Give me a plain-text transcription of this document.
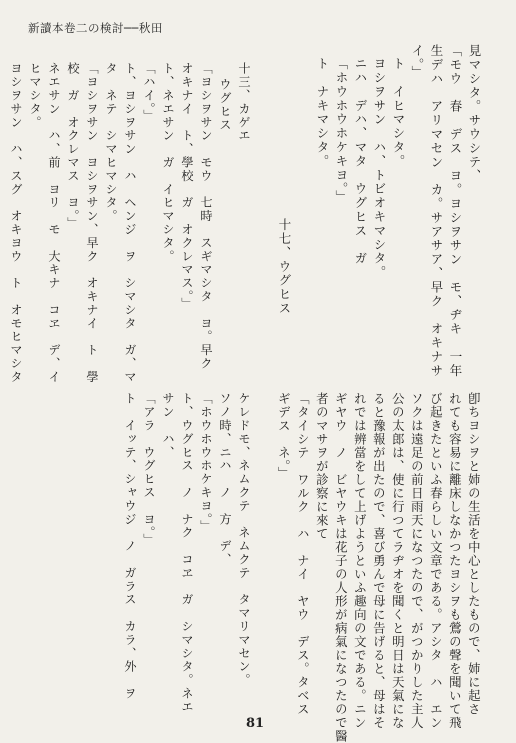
新讀本卷二の検討──秋田
見マシタ。サウシテ、
「モウ　春　デス　ヨ。ヨシヲサン　モ、ヂキ　一年
生デハ　アリマセン　カ。サアサア、早ク　オキナサ
イ。」
ト　イヒマシタ。
ヨシヲサン　ハ、トビオキマシタ。
ニハ　デハ、マタ　ウグヒス　ガ
「ホウホウホケキヨ。」
ト　ナキマシタ。
卽ちヨシヲと姉の生活を中心としたもので、姉に起さ
れても容易に離床しなかつたヨシヲも鶯の聲を聞いて飛
び起きたといふ春らしい文章である。アシタ　ハ　エン
ソクは遠足の前日雨天になつたので、がつかりした主人
公の太郎は、使に行つてラヂオを聞くと明日は天氣にな
ると豫報が出たので、喜び勇んで母に告げると、母はそ
れでは辨當をして上げようといふ趣向の文である。ニン
ギヤウ　ノ　ビヤウキは花子の人形が病氣になつたので醫
者のマサヲが診察に來て
「タイシテ　ワルク　ハ　ナイ　ヤウ　デス。タベス
ギデス　ネ。」
十七、ウグヒス
十三、カゲエ
ウグヒス
「ヨシヲサン　モウ　七時　スギマシタ　ヨ。早ク
オキナイ　ト、學校　ガ　オクレマス。」
ト、ネエサン　ガ　イヒマシタ。
「ハイ。」
ト、ヨシヲサン　ハ　ヘンジ　ヲ　シマシタ　ガ、マ
タ　ネテ　シマヒマシタ。
「ヨシヲサン　ヨシヲサン、早ク　オキナイ　ト　學
校　ガ　オクレマス　ヨ。」
ネエサン　ハ、前　ヨリ　モ　大キナ　コヱ　デ、イ
ヒマシタ。
ヨシヲサン　ハ、スグ　オキヨウ　ト　オモヒマシタ
ケレドモ、ネムクテ　ネムクテ　タマリマセン。
ソノ時、ニハ　ノ　方　デ、
「ホウホウホケキヨ。」
ト、ウグヒス　ノ　ナク　コヱ　ガ　シマシタ。ネエ
サン　ハ、
「アラ　ウグヒス　ヨ。」
ト　イッテ、シャウジ　ノ　ガラス　カラ、外　ヲ
81
